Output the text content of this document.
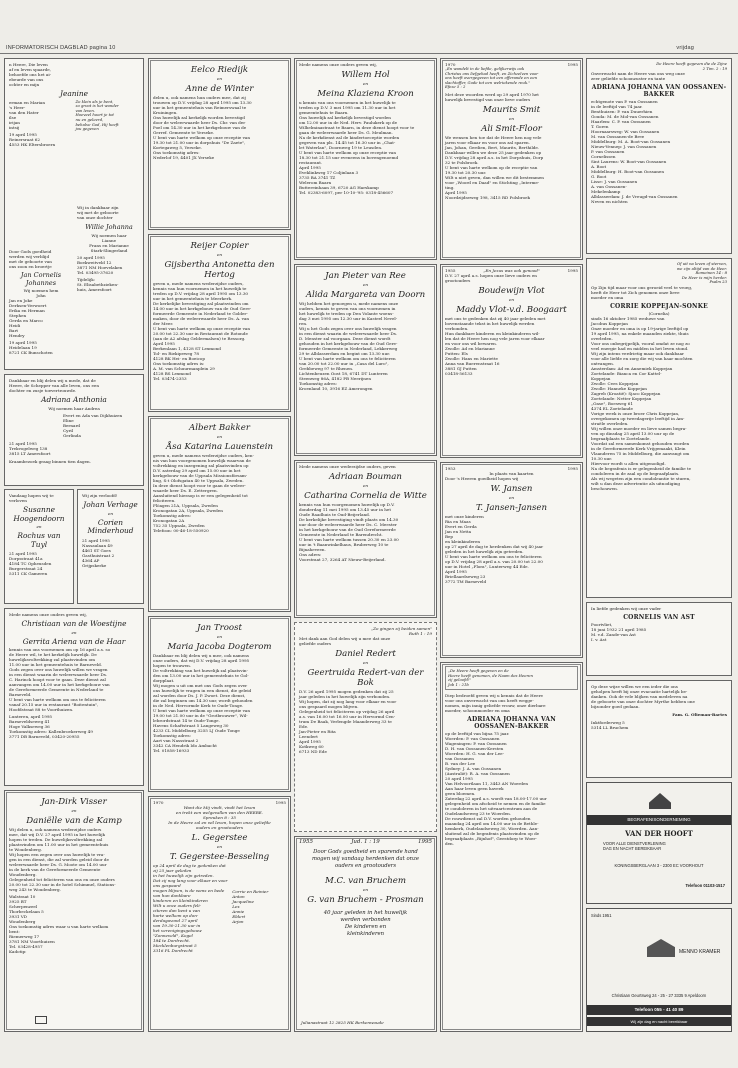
INFORMATORISCH DAGBLAD pagina 10	vrijdag
n Heere, Die leven
af en leven spaarde,
behoefde ons het ai-
ebeurde van ons
ochter en mijn
Jeanine
erman en Marian
's Heer-
van den Hater
ilse
irijan
intsij
Zo klein als je bent,
zo groot is het wonder
van leven.
Hoeveel hoort je tot
nu en geleerd,
behalve God, Hij heeft
jou gegeven
19 april 1995
Reinersraat 62
4553 HK Eltersbroern
Wij in dankbaar zijn
wij met de geboorte
van onze dochter
Willie Johanna
Wij noemen haar
Lianne
Frans en Marianne
Stark-Slingerland
20 april 1995
Boekweitveld 12
3871 NM Hoevelaken
Tel. 03495-37620
Tijdelijk:
St. Elisabethzieken-
huis, Amersfoort
Door Gods goedheid
werden wij verblijd
met de geboorte van
ons zoon en broertje
Jan Cornelis Johannes
Wij noemen hem
John
Jan en Joke
Derksen-Verwoert
Erika en Herman
Stephen
Gerda en Marco
Heidi
Bart
Hendry
19 april 1995
Heidelaan 19
8721 CK Bunschoten
Dankbaar en blij delen wij u mede, dat de
Heere, de Schepper van alle leven, ons een
dochter en zusje toevertrouwde.
Adriana Anthonia
Wij noemen haar Andrea
Evert en Ada van Dijkhuizen
Eline
Bernard
Cyril
Gerlinda
21 april 1995
Trekvogelweg 138
3815 LT Amersfoort
Kraambezoek graag binnen tien dagen.
Vandaag hopen wij te
verloven
Susanne Hoogendoorn
en
Rochus van Tuyl
21 april 1995
Dorpsstraat 41a
4184 TC Opheusden
Burgerstraat 24
5311 CK Gameren
Wij zijn verloofd!
Johan Verhage
en
Corien Minderhoud
21 april 1995
Nassaulaan 49
4461 ST Goes
Gasthuistraat 2
4364 AP
Grijpskerke
Mede namens onze ouders geven wij,
Christiaan van de Woestijne
en
Gerrita Ariena van de Haar
kennis van ons voornemen om op 16 april a.s. so
de Heere wil, te het kerkelijk huwelijk. De
huwelijksvoltrekking zal plaatsvinden om
11.00 uur in het gemeentehuis te Barneveld.
Gods zegen over ons huwelijk willen we vragen
in een dienst waarin de weleerwaarde heer Ds.
C. Harinck hoopt voor te gaan. Deze dienst zal
aanvangen om 14.00 uur in het kerkgebouw van
de Gereformeerde Gemeente in Nederland te
Barneveld.
U bent van harte welkom om ons te feliciteren
vanaf 20.15 uur in restaurant "Boitentuin",
Hoofdstraat 88 te Voorthuizen.
Lunteren, april 1995
Barneveldseweg 41
Hoge Valkseweg 36
Toekomstig adres: Kallenbroekerweg 49
3771 DB Barneveld, 03420-20955
Jan-Dirk Visser
en
Daniëlle van de Kamp
Wij delen u, ook namens wederzijdse ouders
mee, dat wij D.V. 27 april 1995 in het huwelijk
hopen te treden. De huwelijksvoltrekking zal
plaatsvinden om 11.00 uur in het gemeentehuis
te Woudenberg.
Wij hopen een zegen over ons huwelijk te vra-
gen in een dienst, die zal worden geleid door de
weleerwaarde heer Ds. G. Moote om 14.00 uur
in de kerk van de Gereformeerde Gemeente
Woudenberg.
Gelegenheid tot feliciteren van ons en onze ouders
20.00 tot 22.30 uur in de hotel Schimmel, Stations-
weg 243 te Woudenberg.
Walstraat 10
3925 BT
Scherpenzeel
Thorbeckelaan 5
3931 VD
Woudenberg
Ons toekomstig adres waar u van harte welkom
bent:
Riemerweg 17
3781 NM Voorthuizen
Tel. 03428-4957
Kadotip:
Eelco Riedijk
en
Anne de Winter
delen u, ook namens hun ouders mee, dat zij
trouwen op D.V. vrijdag 28 april 1995 om 13.30
uur in het gemeentehuis van Reimerswaal te
Kruiningen.
Ons huwelijk zal kerkelijk worden bevestigd
door de weleerwaarde heer Ds. Chr. van der
Poel om 14.30 uur in het kerkgebouw van de
Gerref. Gemeente te Yerseke.
U bent van harte welkom op onze receptie van
19.30 tot 21.00 uur in dorpshuis "De Zaete",
Kortegaweg 5, Yerseke.
Ons toekomstig adres:
Nederlof 19, 4401 JX Yerseke
Reijer Copier
en
Gijsbertha Antonetta den Hertog
geven u, mede namens wederzijdse ouders,
kennis van hun voornemen in het huwelijk te
treden op D.V. vrijdag 28 april 1995 om 13.30
uur in het gemeentehuis te Meerkerk.
De kerkelijke bevestiging zal plaatsvinden om
14.00 uur in het kerkgebouw van de Oud Gere-
formeerde Gemeente in Nederland te Golder-
maken, door de weleerwaarde heer Ds. A. van
der Meer.
U bent van harte welkom op onze receptie van
20.00 tot 22.30 uur in Restaurant de Rotonde
(aan de A2 afslag Geldermalsen) te Ressorg.
April 1995
Berkenlaan 1, 4128 ST Lexmond
Tol- en Riekipeweg 78
4128 BK Hei- en Boeicop
Ons toekomstig adres is:
A. M. van Schuurmanplein 29
4128 BS Lexmond
Tel. 03474-2353
Albert Bakker
en
Åsa Katarina Lauenstein
geven u, mede namens wederzijdse ouders, ken-
nis van hun voorgenomen huwelijk waarvan de
voltrekking en inzegening zal plaatsvinden op
D.V. zaterdag 29 april om 15.00 uur in het
kerkgebouw van de Uppsala Missionsförsam-
ling, S:t Olofsgatan 40 te Uppsala, Zweden.
In deze dienst hoopt voor te gaan de weleer-
waarde heer Ds. E. Zettergren.
Aansluitend hieraop is er een gelegenheid tot
feliciteren.
Flöagen 21A, Uppsala, Zweden
Kronogatan 2A, Uppsala, Zweden
Toekomstig adres:
Kronogatan 2A
752 35 Uppsala, Zweden
Telefoon: 00-46-18-550920
Jan Troost
en
Maria Jacoba Dogterom
Dankbaar en blij delen wij u mee, ook namens
onze ouders, dat wij D.V. vrijdag 28 april 1995
hopen te trouwen.
De voltrekking van het huwelijk zal plaatsvin-
den om 13.00 uur in het gemeentehuis te Gol-
dorpplaat.
Wij mogen u uit om met ons Gods zegen over
ons huwelijk te vragen in een dienst, die geleid
zal worden door Ds. J. P. Zwoet. Deze dienst,
die zal beginnen om 14.30 uur, wordt gehouden
in de Ned. Hervormde Kerk te Oude-Tonge.
U bent van harte welkom op onze receptie van
19.00 tot 21.00 uur in de "Grotbrouwer", Wil-
lebrordstraat 14 te Oude-Tonge.
Havens Schaftstraat 5 Langeweg 30
4233 CL Middelburg 3255 LJ Oude Tonge
Toekomstig adres:
Aart van Nassstraat 2
3342 CA Hendrik Ido Ambacht
Tel. 01858-16933
1970	1995
Want die Mij vindt, vindt het leven
en trekt een welgevallen van den HEERE.
Spreuken 8 : 35
In de Heere zal en wil leven, hopen onze geliefde
ouders en grootouders
L. Gegerstee
en
T. Gegerstee-Besseling
op 24 april de dag te gedenken dat zij 25 jaar geleden
in het huwelijk zijn getreden.
Dat zij nog lang voor elkaar en voor ons gespaard
mogen blijven, is de wens en bede van hun dankbare
kinderen en kleinkinderen
Wilt u onze ouders feli-
citeren dan bent u van
harte welkom op don-
derdagavond 27 april
van 19.30-21.30 uur in
het verenigingsgebouw
"Zonneveld", Kogel
184 te Dordrecht.
Mecklenburgstraat 5
3316 PL Dordrecht
Corrie en Reinier
Anton
Jacqueline
Lex
Annie
Eldert
Arjan
Mede namens onze ouders geven wij,
Willem Hol
en
Meina Klaziena Kroon
u kennis van ons voornemen in het huwelijk te
treden op D.V. 3 mei 1995 om 11.30 uur in het
gemeentehuis te Baarn.
Ons huwelijk zal kerkelijk bevestigd worden
om 12.00 uur in de Ned. Herv. Paulukerk op de
Wilhelminastraat te Baarn, in deze dienst hoopt voor te
gaan de weleerwaarde heer Ds. G. Meulman.
Na de kerkdienst zal de kindertoeceptie worden
gegeven van pls. 14.45 tot 16.30 uur in „Chat-
let Waterlan", Doornweg 19 te Leusden.
U bent van harte welkom op onze receptie van
18.30 tot 21.15 uur eveneens in bovengenoemd
restaurant.
April 1995
Eveklinkweg 17 Coljinlaan 3
3735 BA 3741 TZ
Welerom Baarn
Buttereinhaan 39, 6720 AG Harskamp
Tel. 02383-6097, per 10-10-'95: 0318-456607
Jan Pieter van Ree
en
Alida Margareta van Doorn
Wij hebben het genoegen u, mede namens onze
ouders, kennis te geven van ons voornemen in
het huwelijk te treden op Den Volante woens-
dag 3 mei 1995 om 12.30 uur in Kasteel Nevel-
ren.
Wij u het Gods zegen over ons huwelijk vragen
in een dienst waarin de weleerwaarde heer Ds.
D. Menster zal voorgaan. Deze dienst wordt
gehouden in het kerkgebouw van de Oud Gere-
formeerde Gemeente in Nederland, Lekkerweg
29 te Alblasserdam en begint om 13.30 uur.
U bent van harte welkom om ons te feliciteren
van 20.00 tot 22.00 uur in „Casa del Luro",
Grebbeweg 97 te Rhenen.
Lichtenbeuzen Oost 18, 6741 DT Lunteren
Steenweg 86A, 4182 PB Neerijnen
Toekomstig adres:
Kroenland 10, 3916 EZ Amerongen
Mede namens onze wederzijdse ouders, geven
Adriaan Bouman
en
Catharina Cornelia de Witte
kennis van hun voorgenomen huwelijk op D.V.
donderdag 11 mei 1995 om 13.45 uur in het
Oude Raadhuis te Oud-Beijerland.
De kerkelijke bevestiging vindt plaats om 14.30
uur door de weleerwaarde heer Ds. C. Meester
in het kerkgebouw van de Oud Gereformeerde
Gemeente in Nederland te Barendrecht.
U bent van harte welkom tussen 20.30 en 23.00
uur in 't Baanwinkelhaus, Bruberweg 10 te
Bijnaheveen.
Ons adres:
Voorstraat 27, 3264 AT Nieuw-Beijerland.
„Zo gingen zij beiden samen"
Ruth 1 : 19
Met dank aan God delen wij u mee dat onze
geliefde ouders
Daniel Redert
en
Geertruida Redert-van der Bok
D.V. 26 april 1995 mogen gedenken dat zij 25
jaar geleden in het huwelijk zijn verbonden.
Wij hopen, dat zij nog lang voor elkaar en voor
ons gespaard mogen blijven.
Gelegenheid tot feliciteren op vrijdag 26 april
a.s. van 16.00 tot 16.00 uur in Hervormd Cen-
trum De Baak, Verlengde Maanderweg 33 te
Ede.
Jan-Pieter en Rita
Leendert
April 1995
Kotkweg 60
6713 ND Ede
1955	Jud. 1 : 19	1995
Door Gods goedheid en sparende hand
mogen wij vandaag herdenken dat onze
ouders en grootouders
M.C. van Bruchem
en
G. van Bruchem - Prosman
40 jaar geleden in het huwelijk
werden verbonden
De kinderen en
kleinkinderen
Julianastraat 12 2825 HK Berkenwoude
1970	1995
„En wandelt in de liefde, gelijkerwijs ook
Christus ons liefgehad heeft, en Zichzelven voor
ons heeft overgegeven tot een offerande en een
slachtoffer, Gode tot een welriekende reuk."
Efeze 5 : 2
Met deze woorden werd op 29 april 1970 het
huwelijk bevestigd van onze lieve ouders
Maurits Smit
en
Ali Smit-Floor
We wensen hen toe dat de Heere hen nog vele
jaren voor elkaar en voor ons zal sparen.
Jan, Johan, Gerdien, Bert, Maurits, Berthilde.
Dankbaar willen we deze 25 jaar gedenken op
D.V. vrijdag 28 april a.s. in het Dorpshuis, Dorp
32 te Polsbroek.
U bent van harte welkom op de receptie van
19.30 tot 20.30 uur.
Wilt u niet geven, dan willen we dit bestemmen
voor „Woord en Daad" en Stichting „Interme-
ting.
April 1995
Noordzijdseweg 198, 3415 RD Polsbroek
1955	„En Jezus was ook genood"	1995
D.V. 27 april a.s. hopen onze lieve ouders en
grootouders
Boudewijn Vlot
en
Maddy Vlot-v.d. Boogaart
met ons te gedenken dat zij 40 jaar geleden met
bovenstaande tekst in het huwelijk werden
verbonden.
Hun dankbare kinderen en kleinkinderen wil-
len dat de Heere hen nog vele jaren voor elkaar
en voor ons wil bewaren.
Zwolle: Ad en Marianne
Putten: Els
Zwolle: Hans en Mariette
Anna van Buerenstraat 16
3881 GJ Putten
03418-56133
1953	1995
In plaats van kaarten
Door 's Heeren goedheid hopen wij
W. Jansen
en
T. Jansen-Jansen
met onze kinderen
Ria en Maas
Evert en Gerda
Jan en Netta
Bep
en kleinkinderen
op 27 april de dag te herdenken dat wij 40 jaar
geleden in het huwelijk zijn getreden.
U bent van harte welkom om ons te feliciteren
op D.V. vrijdag 28 april a.s. van 20.00 tot 22.00
uur in Hotel „Flora", Lunterweg 44 Ede.
April 1995
Briellaardseweg 23
3772 TM Barneveld
„De Heere heeft gegeven en de
Heere heeft genomen, de Naam des Heeren
zij geloofd!"
Job 1 : 21b
Diep bedroefd geven wij u kennis dat de Heere
voor ons onverwacht van ons heeft wegge-
nomen, mijn innig geliefde vrouw, onze dierbare
moeder, schoonmoeder en oma
ADRIANA JOHANNA VAN OOSSANEN-BAKKER
op de leeftijd van bijna 75 jaar.
Woerden: P. van Oossanen
Wageningen: P. van Oossanen
D. H. van Oossanen-Kersten
Woerden: H. G. van der Lee-
van Oossanen
B. van der Lee
Sydney: J. A. van Oossanen
(Australië): R. A. van Oossanen
20 april 1995
Van Helvoortlaan 11, 3443 AN Woerden
Aan haar leven geen haveek
geen bloemen.
Zaterdag 22 april a.s. wordt van 18.00-17.00 uur
gelegenheid om afscheid te nemen en de familie
te condoleren in het uitvaartcentrum aan de
Oudelandseweg 23 te Woerden.
De rouwdienst zal D.V. worden gehouden
maandag 24 april om 14.00 uur in de Bethle-
hemkerk, Oudelandseweg 30, Woerden. Aan-
sluitend zal de begrafenis plaatsvinden op de
begraafplaats „Rijnhof", Geestdorp te Woer-
den.
De Heere heeft gegeven die de Zijne
2 Tim. 2 : 19
Onverwacht nam de Heere van ons weg onze
zeer geliefde schoonzuster en tante
ADRIANA JOHANNA VAN OOSSANEN-BAKKER
echtgenote van P. van Oossanen
in de leeftijd van 74 jaar.
Benthuizen: P. van Duuerhien
Gouda: M. de Mol-van Oossanen
Haarlem: C. P. van Oossanen
T. Goren
Hoornaarsweg: W. van Oossanen
M. van Oossanen-de Bree
Middelburg: M. A. Boot-van Oossanen
Nieuw-Vennep: J. van Oossanen
P. van Oossanen
Cornelissen
Sint Laurens: W. Boot-van Oossanen
A. Boot
Middelburg: H. Boot-van Oossanen
G. Boot
Lisse: J. van Oossanen
A. van Oossanen-
Mekelenkamp
Alblasserdam: J. de Vreugd-van Oossanen
Neven en nichten
Of uit na leven of sterven,
we zijn altijd van de Heer.
Romeinen 14 : 8
De Heer is mijn herder.
Psalm 23
Op Zijn tijd maar voor ons geroeid veel te vroeg,
heeft de Heer tot Zich genomen onze lieve
moeder en oma
CORRIE KOPPEJAN-SONKE
(Cornelia)
sinds 16 oktober 1985 weduwe van
Jacobus Koppejan
Onze moeder en oma is op 19-jarige leeftijd op
19 april 1995, na enkele maanden ziekte, thuis
overleden.
Voor ons onbegrijpelijk, vooral omdat ze nog zo
veel energie had en midden in het leven stond.
Wij zijn intens verdrietig maar ook dankbaar
voor alle liefde en zorg die wij van haar mochten
ontvangen.
Amsterdam: Ad en Annemiek Koppejan
Zoetelande: Bianca en Cor Kattel-
Koppejan
Zwolle: Cees Koppejan
Zwolle: Hanneke Koppejan
Zagreb (Kroatië): Sjaco Koppejan
Zoetelande: Netter Koppejan
„Oase", Boesweg 61
4374 EL Zoetelande
Vorige week is onze broer Chris Koppejan,
overgekomen op tweedagerije leeftijd in Am-
straële overleden.
Wij willen onze moeder en lieve samen begra-
ven op dinsdag 25 april 13.00 uur op de
begraafplaats te Zoetelande.
Voordat zal een samenkomst gehouden worden
in de Gereformeerde Kerk Vrijgemaakt, Klein
Vlaanderen 75 in Middelburg, die aanvangt om
10.30 uur.
Hiervoor wordt u allen uitgenodigd.
Na de begrafenis is er gelegenheid de familie te
condoleren in de zaal op de begraafplaats.
Als wij wegeten zijn een condoleantie te sturen,
wilt u dan deze advertentie als uitnodiging
beschouwen.
In liefde gedenken wij onze vader
CORNELIS VAN AST
Poortvliet,
18 juni 1932 21 april 1985
M. v.d. Zande-van Ast
I. v. Ast
Op deze wijze willen we een ieder die ons
geholpen heeft bij onze evacuatie hartelijk be-
danken. Ook de vele blijken van medeleven na
de geboorte van onze dochter Myrthe hebben one
bijzonder goed gedaan.
Fam. G. Olieman-Bartes
Inktforderweg 5
5314 LL Bruchem
BEGRAFENISONDERNEMING
VAN DER HOOFT
VOOR ALLE DIENSTVERLENING
DAG EN NACHT BEREIKBAAR
KONINGSBERGLAAN 3 - 2300 EC VOORHOUT
Telefoon 01103-1517
Sinds 1951
MENNO KRAMER
Christiaan Geurtsweg 24 - 25 - 27 3335 9 Apeldoorn
Telefoon 055 - 41 40 89
Wij zijn dag en nacht bereikbaar
